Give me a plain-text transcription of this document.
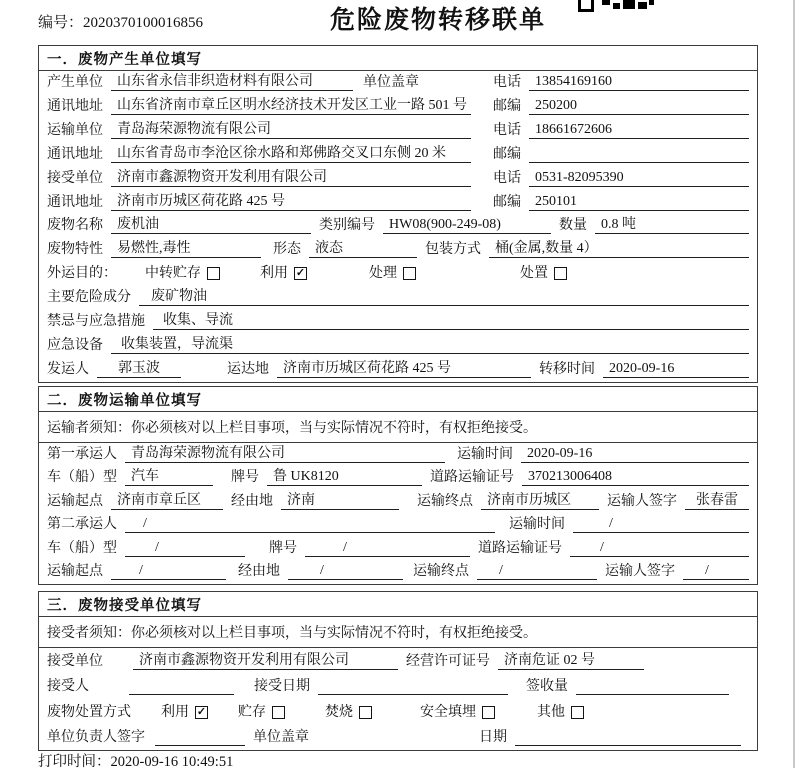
编号：2020370100016856	危险废物转移联单
一．废物产生单位填写
产生单位	山东省永信非织造材料有限公司	单位盖章	电话	13854169160
通讯地址	山东省济南市章丘区明水经济技术开发区工业一路 501 号 邮编	250200
运输单位	青岛海荣源物流有限公司	电话	18661672606
通讯地址	山东省青岛市李沧区徐水路和郑佛路交叉口东侧 20 米	邮编
接受单位	济南市鑫源物资开发利用有限公司	电话	0531-82095390
通讯地址	济南市历城区荷花路 425 号	邮编	250101
废物名称	废机油	类别编号	HW08(900-249-08)	数量	0.8 吨
废物特性	易燃性,毒性	形态	液态	包装方式	桶(金属,数量 4）
外运目的： 中转贮存	利用 ✓	处理	处置
主要危险成分	废矿物油
禁忌与应急措施	收集、导流
应急设备	收集装置，导流渠
发运人	郭玉波	运达地	济南市历城区荷花路 425 号	转移时间	2020-09-16
二．废物运输单位填写
运输者须知：你必须核对以上栏目事项，当与实际情况不符时，有权拒绝接受。
第一承运人	青岛海荣源物流有限公司	运输时间	2020-09-16
车（船）型	汽车	牌号	鲁 UK8120	道路运输证号	370213006408
运输起点	济南市章丘区	经由地	济南	运输终点	济南市历城区	运输人签字	张春雷
第二承运人	/	运输时间	/
车（船）型	/	牌号	/	道路运输证号	/
运输起点	/	经由地	/	运输终点	/	运输人签字	/
三．废物接受单位填写
接受者须知：你必须核对以上栏目事项，当与实际情况不符时，有权拒绝接受。
接受单位	济南市鑫源物资开发利用有限公司	经营许可证号	济南危证 02 号
接受人	接受日期	签收量
废物处置方式 利用 ✓ 贮存	焚烧	安全填埋	其他
单位负责人签字	单位盖章	日期
打印时间：2020-09-16 10:49:51
